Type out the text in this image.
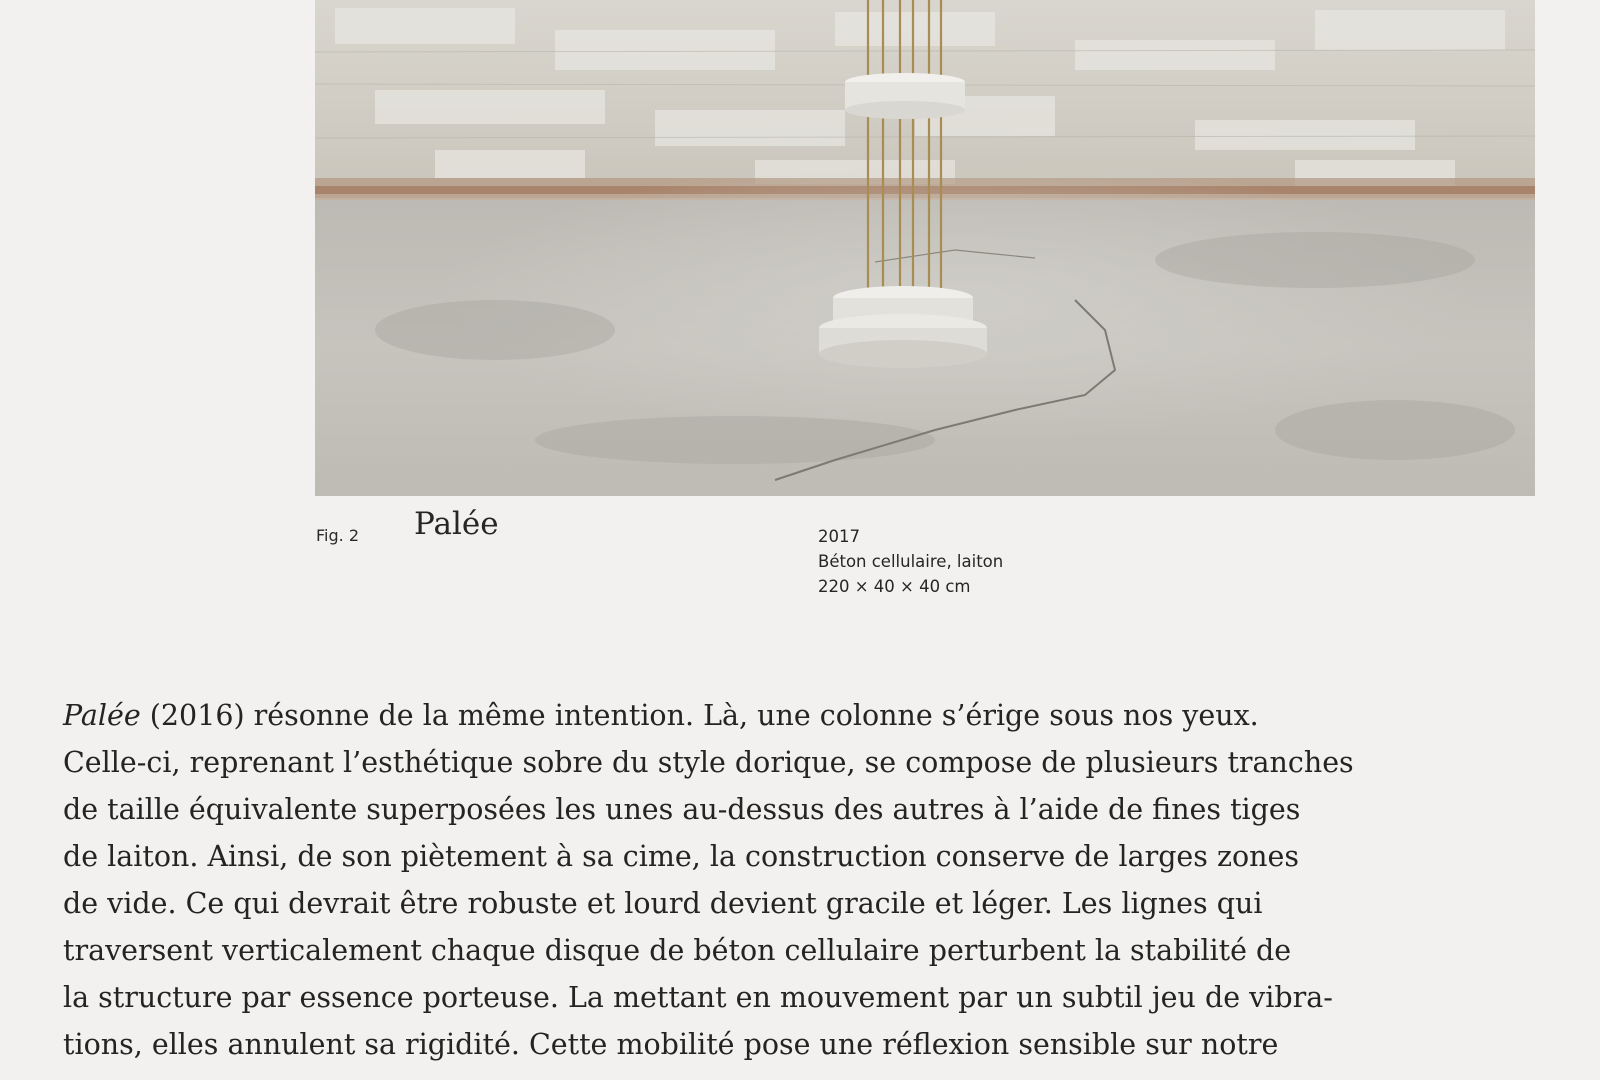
Fig. 2 Palée	2017
Béton cellulaire, laiton
220 × 40 × 40 cm
Palée (2016) résonne de la même intention. Là, une colonne s’érige sous nos yeux.
Celle-ci, reprenant l’esthétique sobre du style dorique, se compose de plusieurs tranches
de taille équivalente superposées les unes au-dessus des autres à l’aide de fines tiges
de laiton. Ainsi, de son piètement à sa cime, la construction conserve de larges zones
de vide. Ce qui devrait être robuste et lourd devient gracile et léger. Les lignes qui
traversent verticalement chaque disque de béton cellulaire perturbent la stabilité de
la structure par essence porteuse. La mettant en mouvement par un subtil jeu de vibra-
tions, elles annulent sa rigidité. Cette mobilité pose une réflexion sensible sur notre
